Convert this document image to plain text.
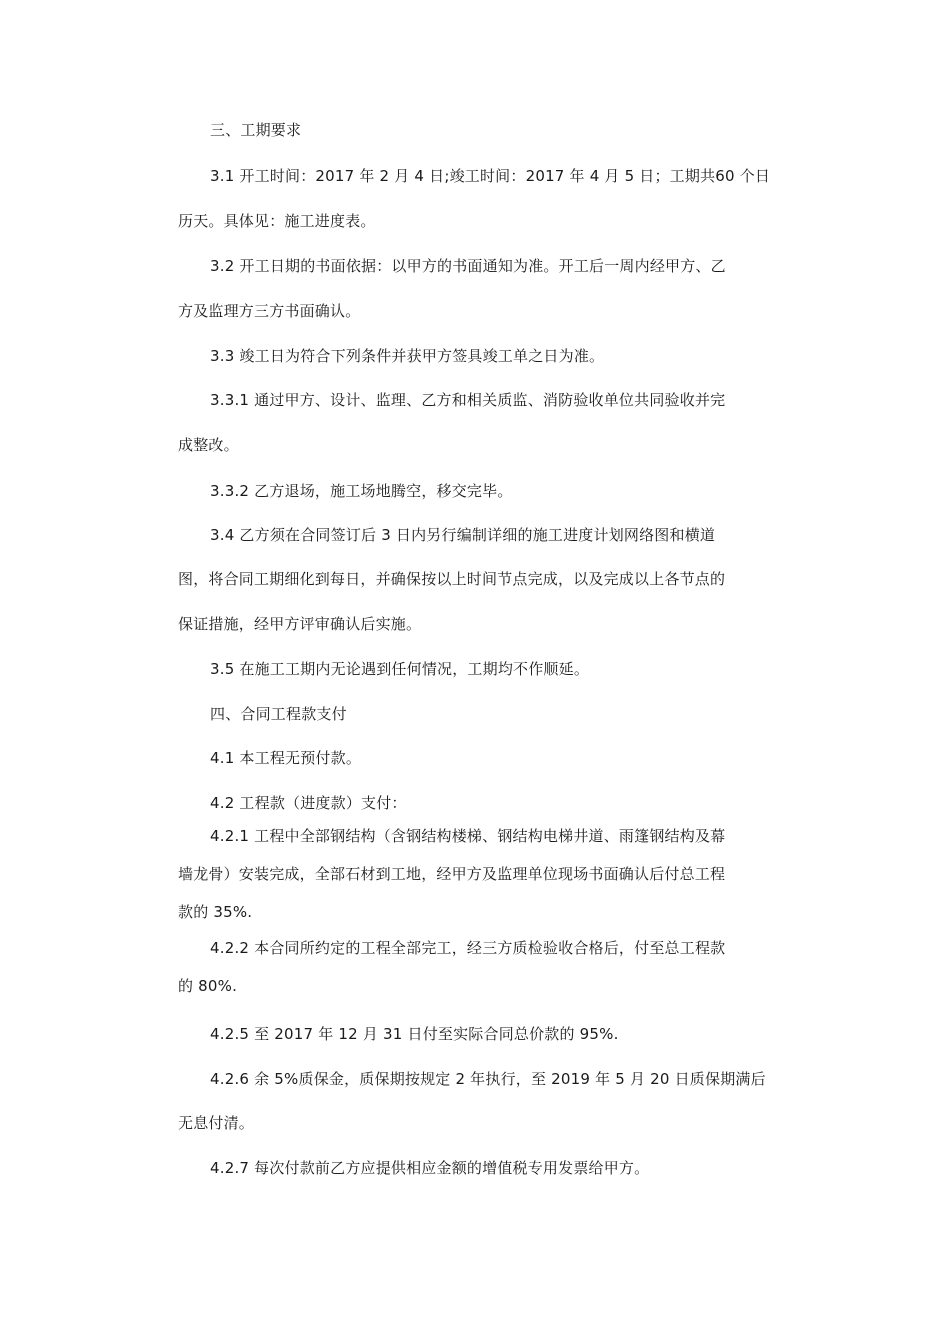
三、工期要求
3.1 开工时间：2017 年 2 月 4 日;竣工时间：2017 年 4 月 5 日；工期共60 个日
历天。具体见：施工进度表。
3.2 开工日期的书面依据：以甲方的书面通知为准。开工后一周内经甲方、乙
方及监理方三方书面确认。
3.3 竣工日为符合下列条件并获甲方签具竣工单之日为准。
3.3.1 通过甲方、设计、监理、乙方和相关质监、消防验收单位共同验收并完
成整改。
3.3.2 乙方退场，施工场地腾空，移交完毕。
3.4 乙方须在合同签订后 3 日内另行编制详细的施工进度计划网络图和横道
图，将合同工期细化到每日，并确保按以上时间节点完成，以及完成以上各节点的
保证措施，经甲方评审确认后实施。
3.5 在施工工期内无论遇到任何情况，工期均不作顺延。
四、合同工程款支付
4.1 本工程无预付款。
4.2 工程款（进度款）支付：
4.2.1 工程中全部钢结构（含钢结构楼梯、钢结构电梯井道、雨篷钢结构及幕
墙龙骨）安装完成，全部石材到工地，经甲方及监理单位现场书面确认后付总工程
款的 35%.
4.2.2 本合同所约定的工程全部完工，经三方质检验收合格后，付至总工程款
的 80%.
4.2.5 至 2017 年 12 月 31 日付至实际合同总价款的 95%.
4.2.6 余 5%质保金，质保期按规定 2 年执行，至 2019 年 5 月 20 日质保期满后
无息付清。
4.2.7 每次付款前乙方应提供相应金额的增值税专用发票给甲方。
